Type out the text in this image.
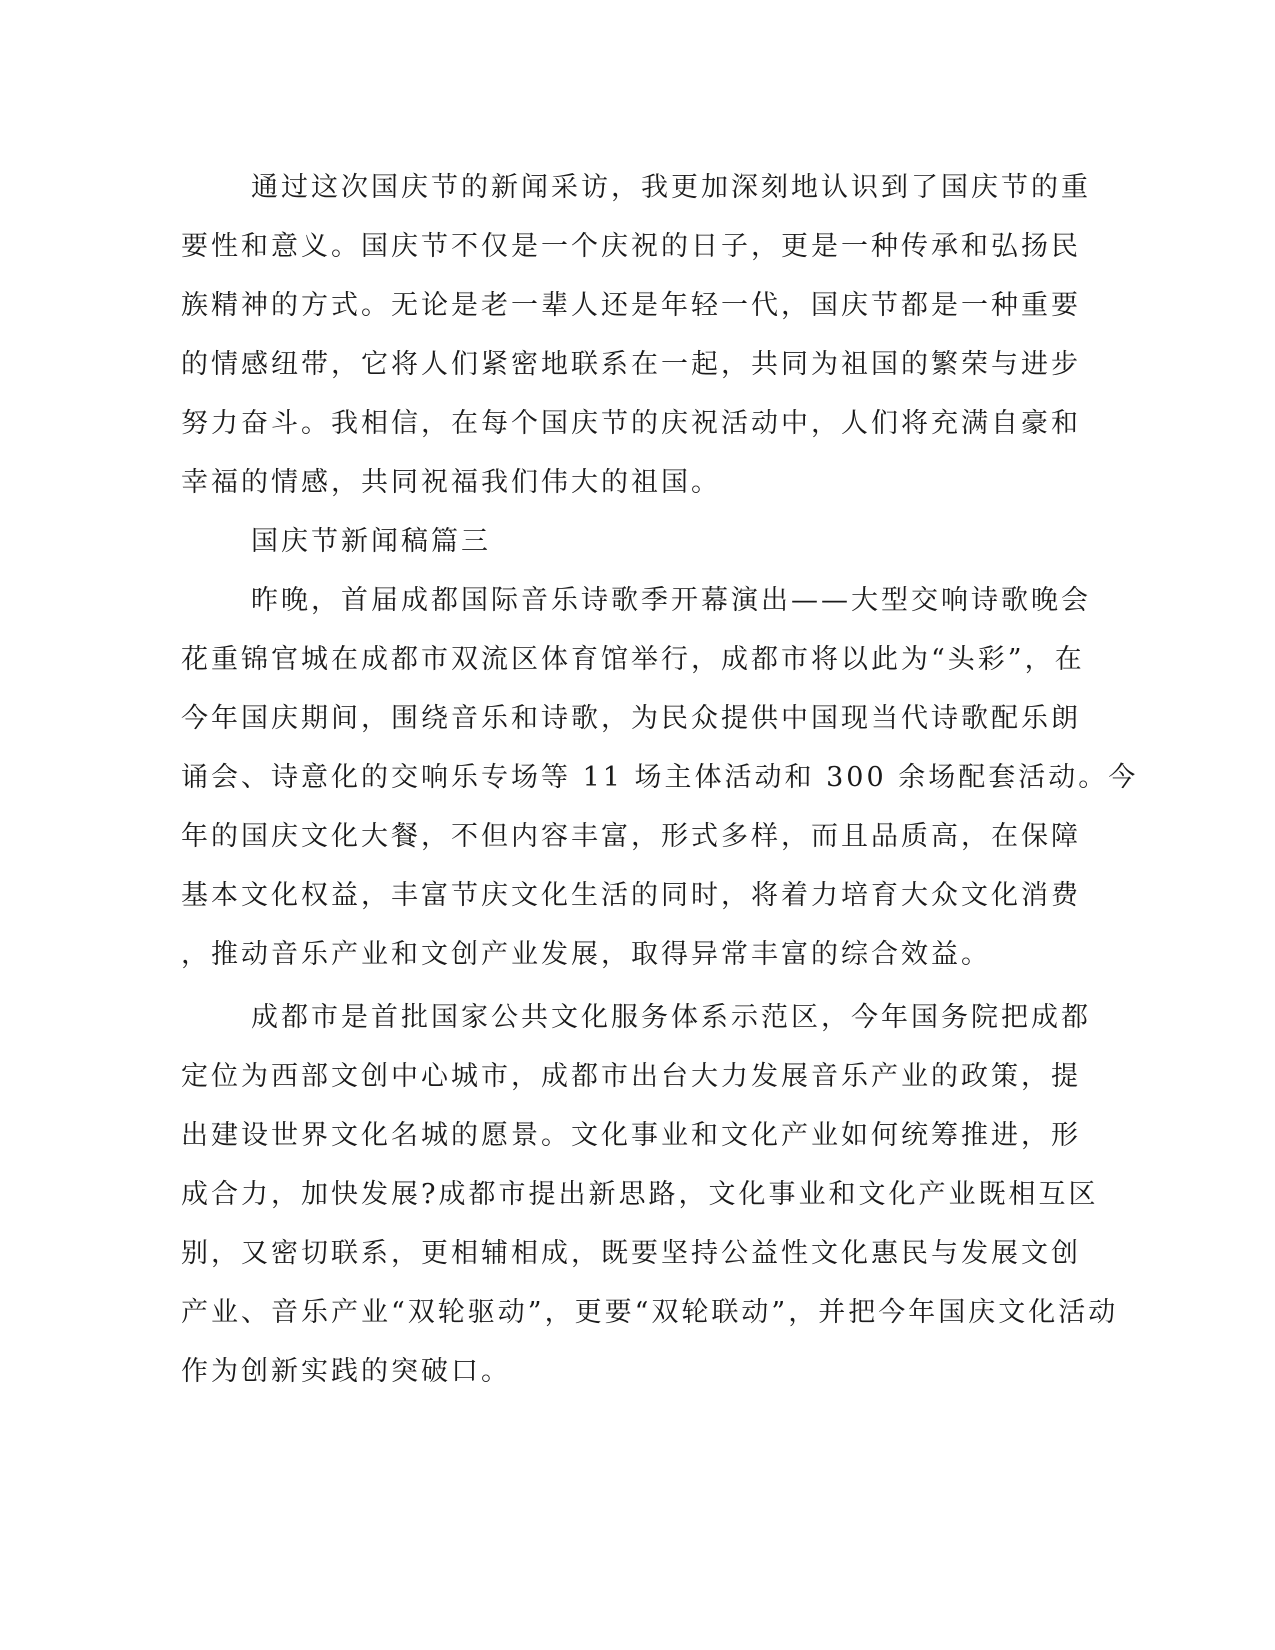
通过这次国庆节的新闻采访，我更加深刻地认识到了国庆节的重
要性和意义。国庆节不仅是一个庆祝的日子，更是一种传承和弘扬民
族精神的方式。无论是老一辈人还是年轻一代，国庆节都是一种重要
的情感纽带，它将人们紧密地联系在一起，共同为祖国的繁荣与进步
努力奋斗。我相信，在每个国庆节的庆祝活动中，人们将充满自豪和
幸福的情感，共同祝福我们伟大的祖国。
国庆节新闻稿篇三
昨晚，首届成都国际音乐诗歌季开幕演出——大型交响诗歌晚会
花重锦官城在成都市双流区体育馆举行，成都市将以此为“头彩”，在
今年国庆期间，围绕音乐和诗歌，为民众提供中国现当代诗歌配乐朗
诵会、诗意化的交响乐专场等 11 场主体活动和 300 余场配套活动。今
年的国庆文化大餐，不但内容丰富，形式多样，而且品质高，在保障
基本文化权益，丰富节庆文化生活的同时，将着力培育大众文化消费
，推动音乐产业和文创产业发展，取得异常丰富的综合效益。
成都市是首批国家公共文化服务体系示范区，今年国务院把成都
定位为西部文创中心城市，成都市出台大力发展音乐产业的政策，提
出建设世界文化名城的愿景。文化事业和文化产业如何统筹推进，形
成合力，加快发展?成都市提出新思路，文化事业和文化产业既相互区
别，又密切联系，更相辅相成，既要坚持公益性文化惠民与发展文创
产业、音乐产业“双轮驱动”，更要“双轮联动”，并把今年国庆文化活动
作为创新实践的突破口。
